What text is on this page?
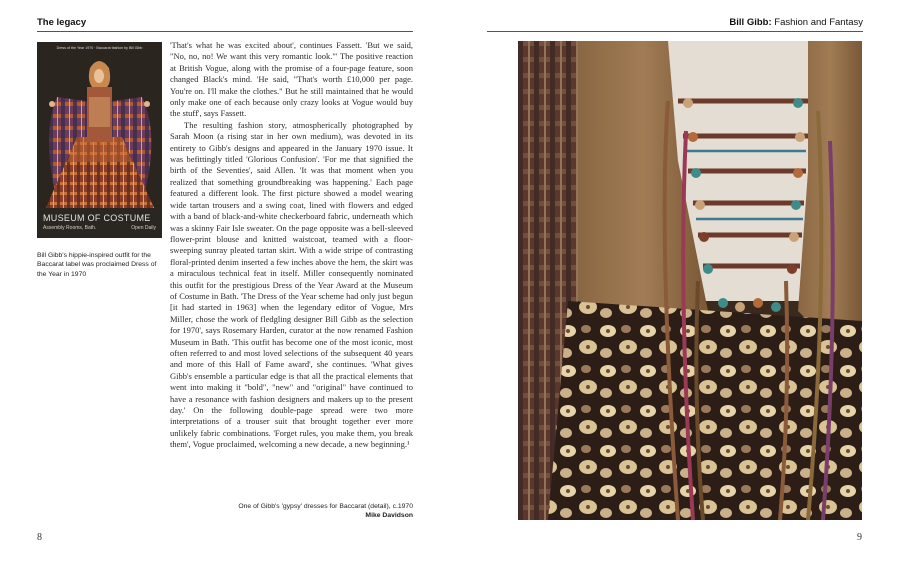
The legacy
Dress of the Year 1970 · Baccarat fashion by Bill Gibb
MUSEUM OF COSTUME
Assembly Rooms, Bath.	Open Daily
Bill Gibb's hippie-inspired outfit for the Baccarat label was proclaimed Dress of the Year in 1970

'That's what he was excited about', continues Fassett. 'But we said, "No, no, no! We want this very romantic look."' The positive reaction at British Vogue, along with the promise of a four-page feature, soon changed Black's mind. 'He said, "That's worth £10,000 per page. You're on. I'll make the clothes." But he still maintained that he would only make one of each because only crazy looks at Vogue would buy the stuff', says Fassett.

The resulting fashion story, atmospherically photographed by Sarah Moon (a rising star in her own medium), was devoted in its entirety to Gibb's designs and appeared in the January 1970 issue. It was befittingly titled 'Glorious Confusion'. 'For me that signified the birth of the Seventies', said Allen. 'It was that moment when you realized that something groundbreaking was happening.' Each page featured a different look. The first picture showed a model wearing wide tartan trousers and a swing coat, lined with flowers and edged with a band of black-and-white checkerboard fabric, underneath which was a skinny Fair Isle sweater. On the page opposite was a bell-sleeved flower-print blouse and knitted waistcoat, teamed with a floor-sweeping sunray pleated tartan skirt. With a wide stripe of contrasting floral-printed denim inserted a few inches above the hem, the skirt was a miraculous technical feat in itself. Miller consequently nominated this outfit for the prestigious Dress of the Year Award at the Museum of Costume in Bath. 'The Dress of the Year scheme had only just begun [it had started in 1963] when the legendary editor of Vogue, Mrs Miller, chose the work of fledgling designer Bill Gibb as the selection for 1970', says Rosemary Harden, curator at the now renamed Fashion Museum in Bath. 'This outfit has become one of the most iconic, most often referred to and most loved selections of the subsequent 40 years and more of this Hall of Fame award', she continues. 'What gives Gibb's ensemble a particular edge is that all the practical elements that went into making it "bold", "new" and "original" have continued to have a resonance with fashion designers and makers up to the present day.' On the following double-page spread were two more interpretations of a trouser suit that brought together ever more unlikely fabric combinations. 'Forget rules, you make them, you break them', Vogue proclaimed, welcoming a new decade, a new beginning.¹

One of Gibb's 'gypsy' dresses for Baccarat (detail), c.1970
Mike Davidson
8
Bill Gibb: Fashion and Fantasy
9
